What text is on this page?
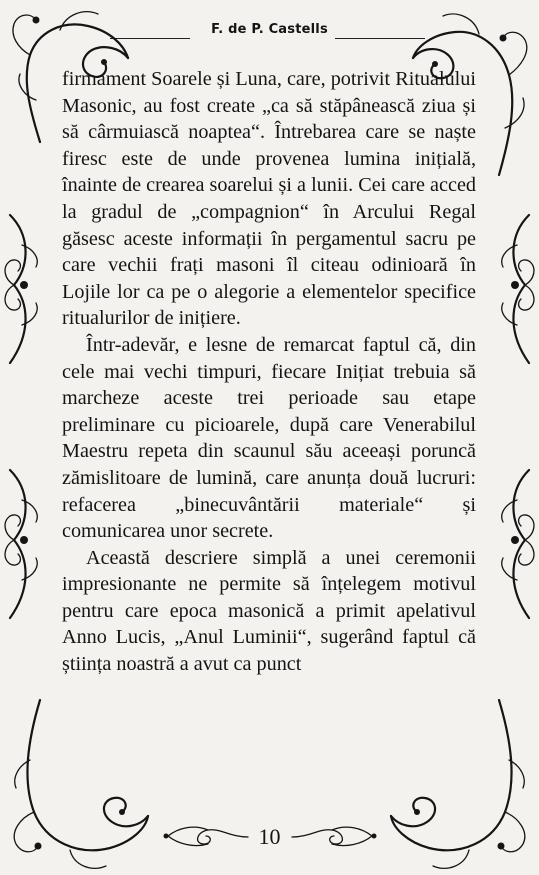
F. de P. Castells

firmament Soarele și Luna, care, potrivit Ritualului Masonic, au fost create „ca să stăpânească ziua și să cârmuiască noaptea“. Întrebarea care se naște firesc este de unde provenea lumina inițială, înainte de crearea soarelui și a lunii. Cei care acced la gradul de „compagnion“ în Arcului Regal găsesc aceste informații în pergamentul sacru pe care vechii frați masoni îl citeau odinioară în Lojile lor ca pe o alegorie a elementelor specifice ritualurilor de inițiere.

Într-adevăr, e lesne de remarcat faptul că, din cele mai vechi timpuri, fiecare Inițiat trebuia să marcheze aceste trei perioade sau etape preliminare cu picioarele, după care Venerabilul Maestru repeta din scaunul său aceeași poruncă zămislitoare de lumină, care anunța două lucruri: refacerea „binecuvântării materiale“ și comunicarea unor secrete.

Această descriere simplă a unei ceremonii impresionante ne permite să înțelegem motivul pentru care epoca masonică a primit apelativul Anno Lucis, „Anul Luminii“, sugerând faptul că știința noastră a avut ca punct

10
